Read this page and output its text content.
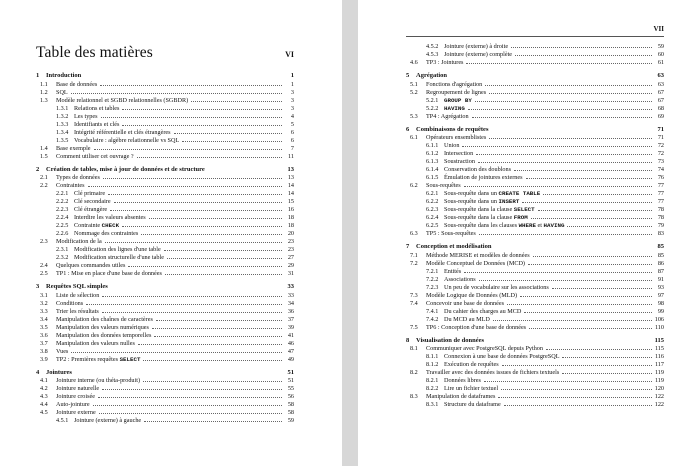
Table des matières	VI
1	Introduction	1
1.1	Base de données	1
1.2	SQL	3
1.3	Modèle relationnel et SGBD relationnelles (SGBDR)	3
1.3.1 Relations et tables	3
1.3.2 Les types	4
1.3.3 Identifiants et clés	5
1.3.4 Intégrité référentielle et clés étrangères	6
1.3.5 Vocabulaire : algèbre relationnelle vs SQL	6
1.4	Base exemple	7
1.5	Comment utiliser cet ouvrage ?	11
2	Création de tables, mise à jour de données et de structure	13
2.1	Types de données	13
2.2	Contraintes	14
2.2.1 Clé primaire	14
2.2.2 Clé secondaire	15
2.2.3 Clé étrangère	16
2.2.4 Interdire les valeurs absentes	18
2.2.5 Contrainte CHECK	18
2.2.6 Nommage des contraintes	20
2.3	Modification de la	23
2.3.1 Modification des lignes d'une table	23
2.3.2 Modification structurelle d'une table	27
2.4	Quelques commandes utiles	29
2.5	TP1 : Mise en place d'une base de données	31
3	Requêtes SQL simples	33
3.1	Liste de sélection	33
3.2	Conditions	34
3.3	Trier les résultats	36
3.4	Manipulation des chaînes de caractères	37
3.5	Manipulation des valeurs numériques	39
3.6	Manipulation des données temporelles	41
3.7	Manipulation des valeurs nulles	46
3.8	Vues	47
3.9	TP2 : Premières requêtes SELECT	49
4	Jointures	51
4.1	Jointure interne (ou théta-produit)	51
4.2	Jointure naturelle	55
4.3	Jointure croisée	56
4.4	Auto-jointure	58
4.5	Jointure externe	58
4.5.1 Jointure (externe) à gauche	59
VII
4.5.2 Jointure (externe) à droite	59
4.5.3 Jointure (externe) complète	60
4.6	TP3 : Jointures	61
5	Agrégation	63
5.1	Fonctions d'agrégation	63
5.2	Regroupement de lignes	67
5.2.1 GROUP BY	67
5.2.2 HAVING	68
5.3	TP4 : Agrégation	69
6	Combinaisons de requêtes	71
6.1	Opérateurs ensemblistes	71
6.1.1 Union	72
6.1.2 Intersection	72
6.1.3 Soustraction	73
6.1.4 Conservation des doublons	74
6.1.5 Émulation de jointures externes	76
6.2	Sous-requêtes	77
6.2.1 Sous-requête dans un CREATE TABLE	77
6.2.2 Sous-requête dans un INSERT	77
6.2.3 Sous-requête dans la clause SELECT	78
6.2.4 Sous-requête dans la clause FROM	78
6.2.5 Sous-requête dans les clauses WHERE et HAVING	79
6.3	TP5 : Sous-requêtes	83
7	Conception et modélisation	85
7.1	Méthode MERISE et modèles de données	85
7.2	Modèle Conceptuel de Données (MCD)	86
7.2.1 Entités	87
7.2.2 Associations	91
7.2.3 Un peu de vocabulaire sur les associations	93
7.3	Modèle Logique de Données (MLD)	97
7.4	Concevoir une base de données	98
7.4.1 Du cahier des charges au MCD	99
7.4.2 Du MCD au MLD	106
7.5	TP6 : Conception d'une base de données	110
8	Visualisation de données	115
8.1	Communiquer avec PostgreSQL depuis Python	115
8.1.1 Connexion à une base de données PostgreSQL	116
8.1.2 Exécution de requêtes	117
8.2	Travailler avec des données issues de fichiers textuels	119
8.2.1 Données libres	119
8.2.2 Lire un fichier textuel	120
8.3	Manipulation de dataframes	122
8.3.1 Structure du dataframe	122
